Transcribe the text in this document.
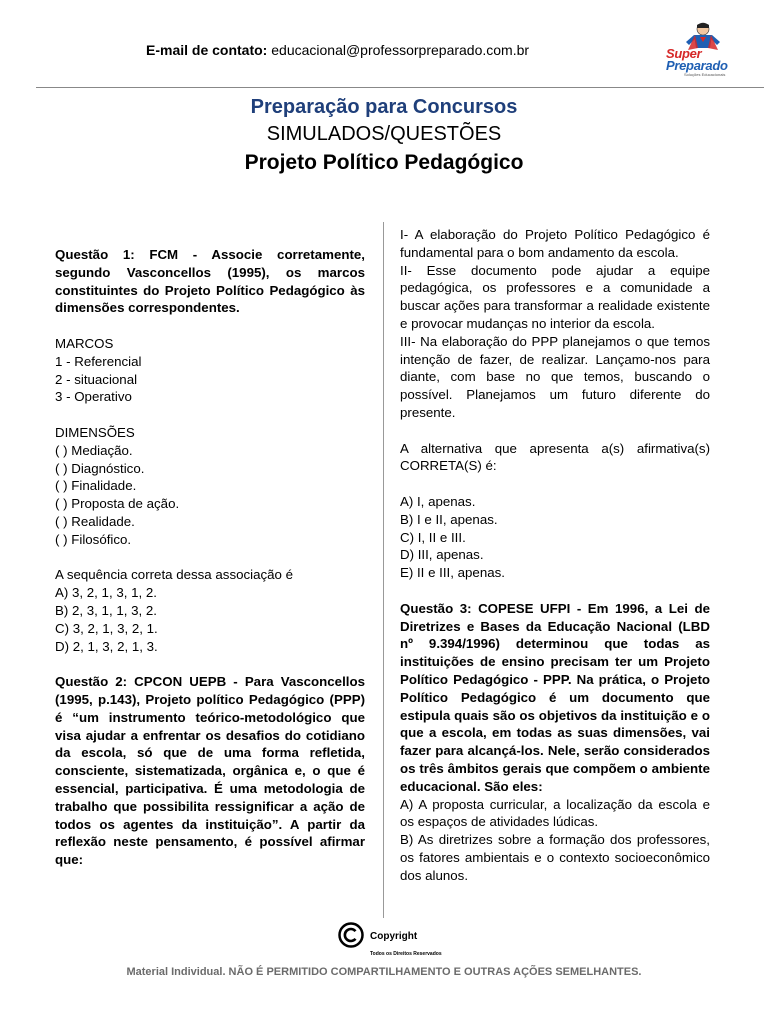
E-mail de contato: educacional@professorpreparado.com.br	Super
Preparado
Soluções Educacionais
Preparação para Concursos
SIMULADOS/QUESTÕES
Projeto Político Pedagógico

Questão 1: FCM - Associe corretamente, segundo Vasconcellos (1995), os marcos constituintes do Projeto Político Pedagógico às dimensões correspondentes.

MARCOS

1 - Referencial

2 - situacional

3 - Operativo

DIMENSÕES

( ) Mediação.

( ) Diagnóstico.

( ) Finalidade.

( ) Proposta de ação.

( ) Realidade.

( ) Filosófico.

A sequência correta dessa associação é

A) 3, 2, 1, 3, 1, 2.

B) 2, 3, 1, 1, 3, 2.

C) 3, 2, 1, 3, 2, 1.

D) 2, 1, 3, 2, 1, 3.

Questão 2: CPCON UEPB - Para Vasconcellos (1995, p.143), Projeto político Pedagógico (PPP) é “um instrumento teórico-metodológico que visa ajudar a enfrentar os desafios do cotidiano da escola, só que de uma forma refletida, consciente, sistematizada, orgânica e, o que é essencial, participativa. É uma metodologia de trabalho que possibilita ressignificar a ação de todos os agentes da instituição”. A partir da reflexão neste pensamento, é possível afirmar que:

I- A elaboração do Projeto Político Pedagógico é fundamental para o bom andamento da escola.

II- Esse documento pode ajudar a equipe pedagógica, os professores e a comunidade a buscar ações para transformar a realidade existente e provocar mudanças no interior da escola.

III- Na elaboração do PPP planejamos o que temos intenção de fazer, de realizar. Lançamo-nos para diante, com base no que temos, buscando o possível. Planejamos um futuro diferente do presente.

A alternativa que apresenta a(s) afirmativa(s) CORRETA(S) é:

A) I, apenas.

B) I e II, apenas.

C) I, II e III.

D) III, apenas.

E) II e III, apenas.

Questão 3: COPESE UFPI - Em 1996, a Lei de Diretrizes e Bases da Educação Nacional (LBD nº 9.394/1996) determinou que todas as instituições de ensino precisam ter um Projeto Político Pedagógico - PPP. Na prática, o Projeto Político Pedagógico é um documento que estipula quais são os objetivos da instituição e o que a escola, em todas as suas dimensões, vai fazer para alcançá-los. Nele, serão considerados os três âmbitos gerais que compõem o ambiente educacional. São eles:

A) A proposta curricular, a localização da escola e os espaços de atividades lúdicas.

B) As diretrizes sobre a formação dos professores, os fatores ambientais e o contexto socioeconômico dos alunos.

Copyright
Todos os Direitos Reservados
Material Individual. NÃO É PERMITIDO COMPARTILHAMENTO E OUTRAS AÇÕES SEMELHANTES.
